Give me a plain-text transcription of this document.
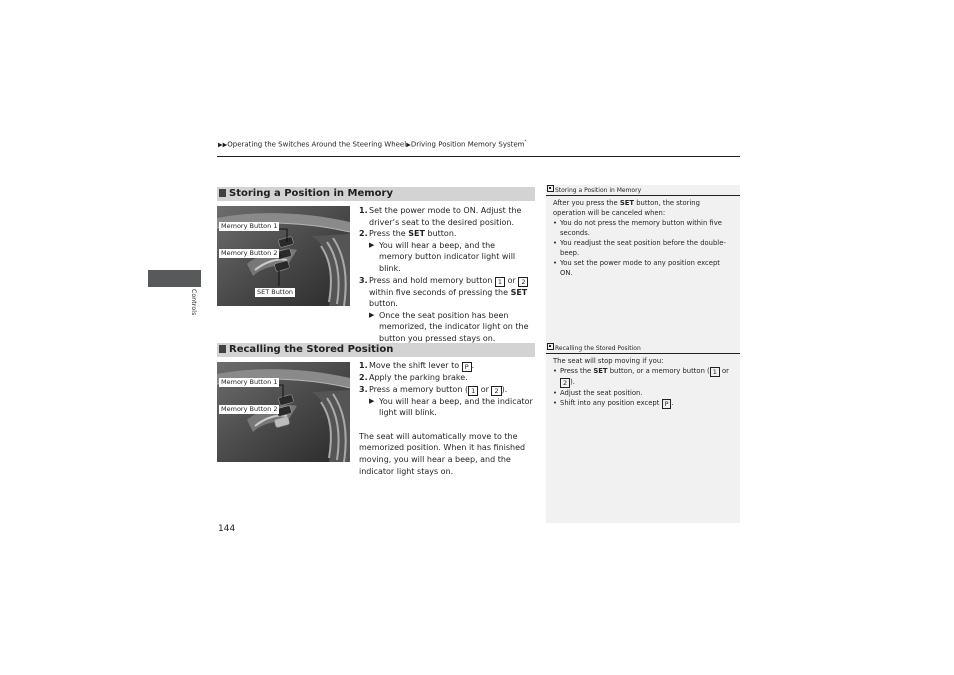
▶▶Operating the Switches Around the Steering Wheel▶Driving Position Memory System*
Controls
Storing a Position in Memory
Memory Button 1
Memory Button 2
SET Button
1. Set the power mode to ON. Adjust the driver’s seat to the desired position.
2. Press the SET button.
▶ You will hear a beep, and the memory button indicator light will blink.
3. Press and hold memory button 1 or 2 within five seconds of pressing the SET button.
▶ Once the seat position has been memorized, the indicator light on the button you pressed stays on.
Recalling the Stored Position
Memory Button 1
Memory Button 2
1. Move the shift lever to P .
2. Apply the parking brake.
3. Press a memory button ( 1 or 2 ).
▶ You will hear a beep, and the indicator light will blink.
The seat will automatically move to the memorized position. When it has finished moving, you will hear a beep, and the indicator light stays on.
Storing a Position in Memory
After you press the SET button, the storing operation will be canceled when:
• You do not press the memory button within five seconds.
• You readjust the seat position before the double-beep.
• You set the power mode to any position except ON.
Recalling the Stored Position
The seat will stop moving if you:
• Press the SET button, or a memory button ( 1 or 2 ).
• Adjust the seat position.
• Shift into any position except P .
144
